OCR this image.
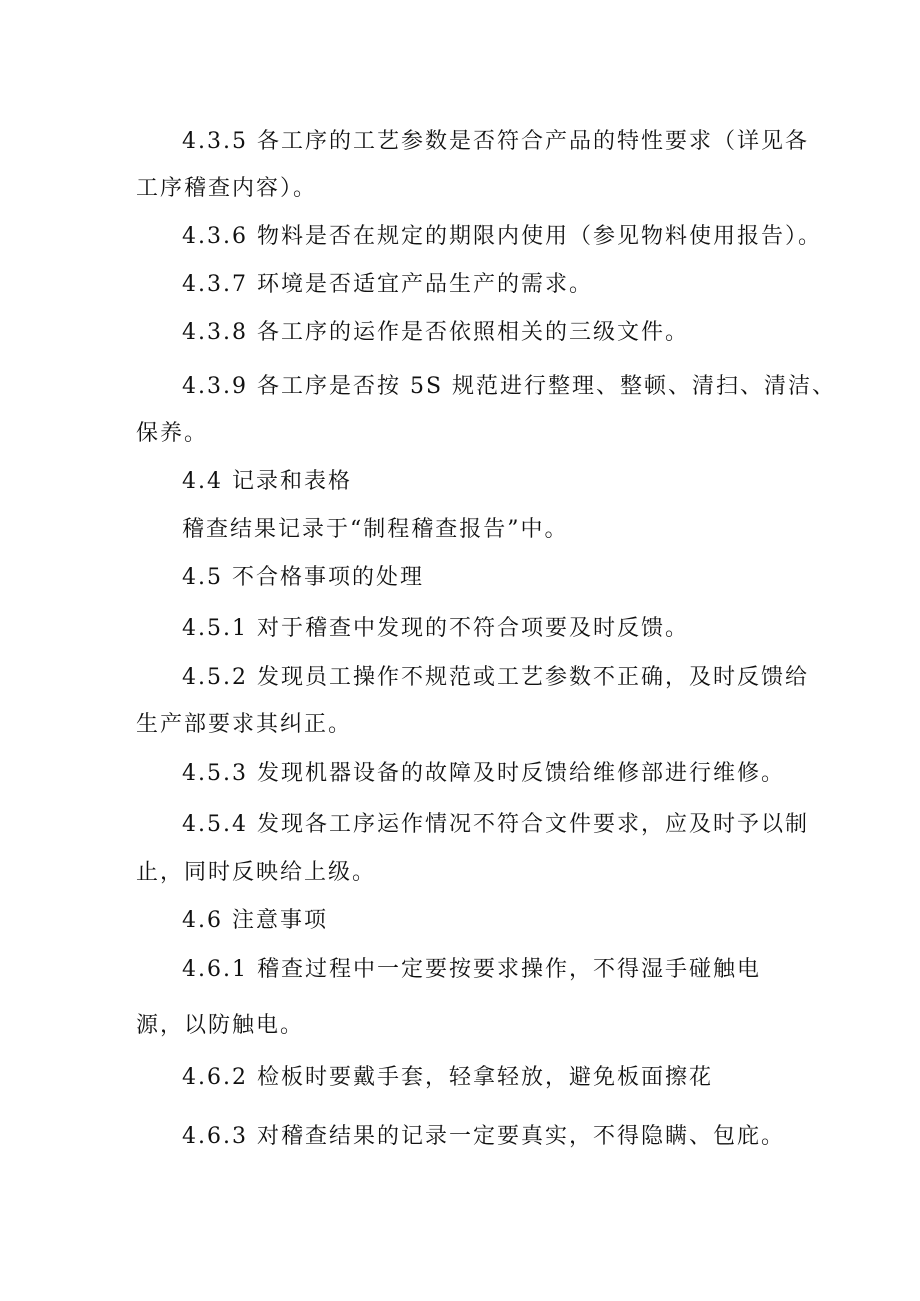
4.3.5 各工序的工艺参数是否符合产品的特性要求（详见各
工序稽查内容）。
4.3.6 物料是否在规定的期限内使用（参见物料使用报告）。
4.3.7 环境是否适宜产品生产的需求。
4.3.8 各工序的运作是否依照相关的三级文件。
4.3.9 各工序是否按 5S 规范进行整理、整顿、清扫、清洁、
保养。
4.4 记录和表格
稽查结果记录于“制程稽查报告”中。
4.5 不合格事项的处理
4.5.1 对于稽查中发现的不符合项要及时反馈。
4.5.2 发现员工操作不规范或工艺参数不正确，及时反馈给
生产部要求其纠正。
4.5.3 发现机器设备的故障及时反馈给维修部进行维修。
4.5.4 发现各工序运作情况不符合文件要求，应及时予以制
止，同时反映给上级。
4.6 注意事项
4.6.1 稽查过程中一定要按要求操作，不得湿手碰触电
源，以防触电。
4.6.2 检板时要戴手套，轻拿轻放，避免板面擦花
4.6.3 对稽查结果的记录一定要真实，不得隐瞒、包庇。
